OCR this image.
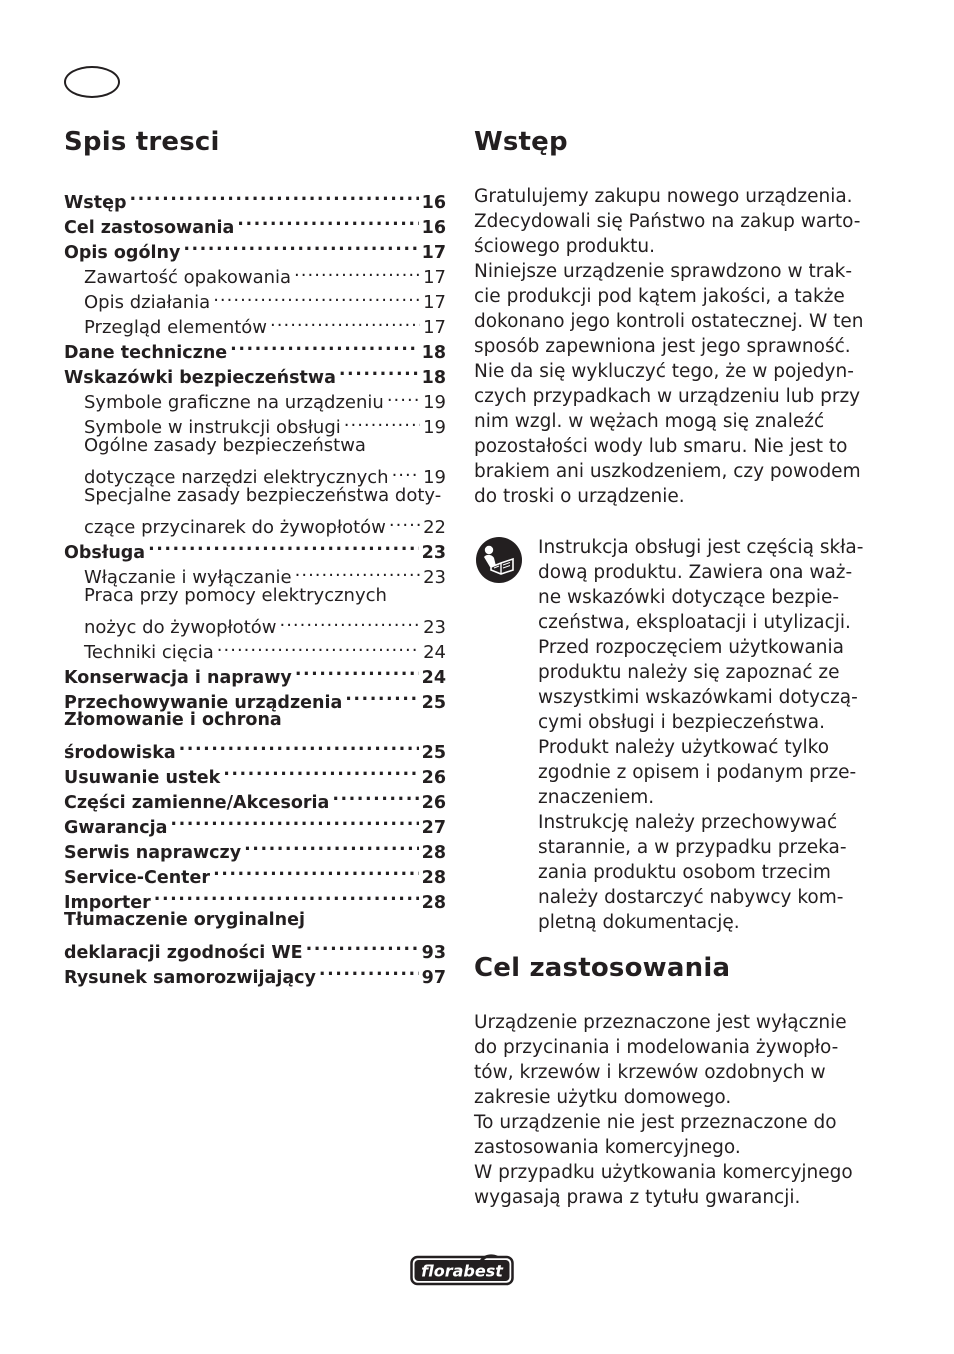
Spis tresci
Wstęp .....	16
Cel zastosowania .....	16
Opis ogólny .....	17
Zawartość opakowania .....	17
Opis działania .....	17
Przegląd elementów .....	17
Dane techniczne .....	18
Wskazówki bezpieczeństwa .....	18
Symbole graficzne na urządzeniu ..... 19
Symbole w instrukcji obsługi .....	19
Ogólne zasady bezpieczeństwa
dotyczące narzędzi elektrycznych ..... 19
Specjalne zasady bezpieczeństwa doty-
czące przycinarek do żywopłotów ..... 22
Obsługa .....	23
Włączanie i wyłączanie .....	23
Praca przy pomocy elektrycznych
nożyc do żywopłotów .....	23
Techniki cięcia .....	24
Konserwacja i naprawy .....	24
Przechowywanie urządzenia .....	25
Złomowanie i ochrona
środowiska .....	25
Usuwanie ustek .....	26
Części zamienne/Akcesoria .....	26
Gwarancja .....	27
Serwis naprawczy .....	28
Service-Center .....	28
Importer .....	28
Tłumaczenie oryginalnej
deklaracji zgodności WE .....	93
Rysunek samorozwijający .....	97
Wstęp
Gratulujemy zakupu nowego urządzenia.
Zdecydowali się Państwo na zakup warto-
ściowego produktu.
Niniejsze urządzenie sprawdzono w trak-
cie produkcji pod kątem jakości, a także
dokonano jego kontroli ostatecznej. W ten
sposób zapewniona jest jego sprawność.
Nie da się wykluczyć tego, że w pojedyn-
czych przypadkach w urządzeniu lub przy
nim wzgl. w wężach mogą się znaleźć
pozostałości wody lub smaru. Nie jest to
brakiem ani uszkodzeniem, czy powodem
do troski o urządzenie.
Instrukcja obsługi jest częścią skła-
dową produktu. Zawiera ona waż-
ne wskazówki dotyczące bezpie-
czeństwa, eksploatacji i utylizacji.
Przed rozpoczęciem użytkowania
produktu należy się zapoznać ze
wszystkimi wskazówkami dotyczą-
cymi obsługi i bezpieczeństwa.
Produkt należy użytkować tylko
zgodnie z opisem i podanym prze-
znaczeniem.
Instrukcję należy przechowywać
starannie, a w przypadku przeka-
zania produktu osobom trzecim
należy dostarczyć nabywcy kom-
pletną dokumentację.
Cel zastosowania
Urządzenie przeznaczone jest wyłącznie
do przycinania i modelowania żywopło-
tów, krzewów i krzewów ozdobnych w
zakresie użytku domowego.
To urządzenie nie jest przeznaczone do
zastosowania komercyjnego.
W przypadku użytkowania komercyjnego
wygasają prawa z tytułu gwarancji.
florabest
